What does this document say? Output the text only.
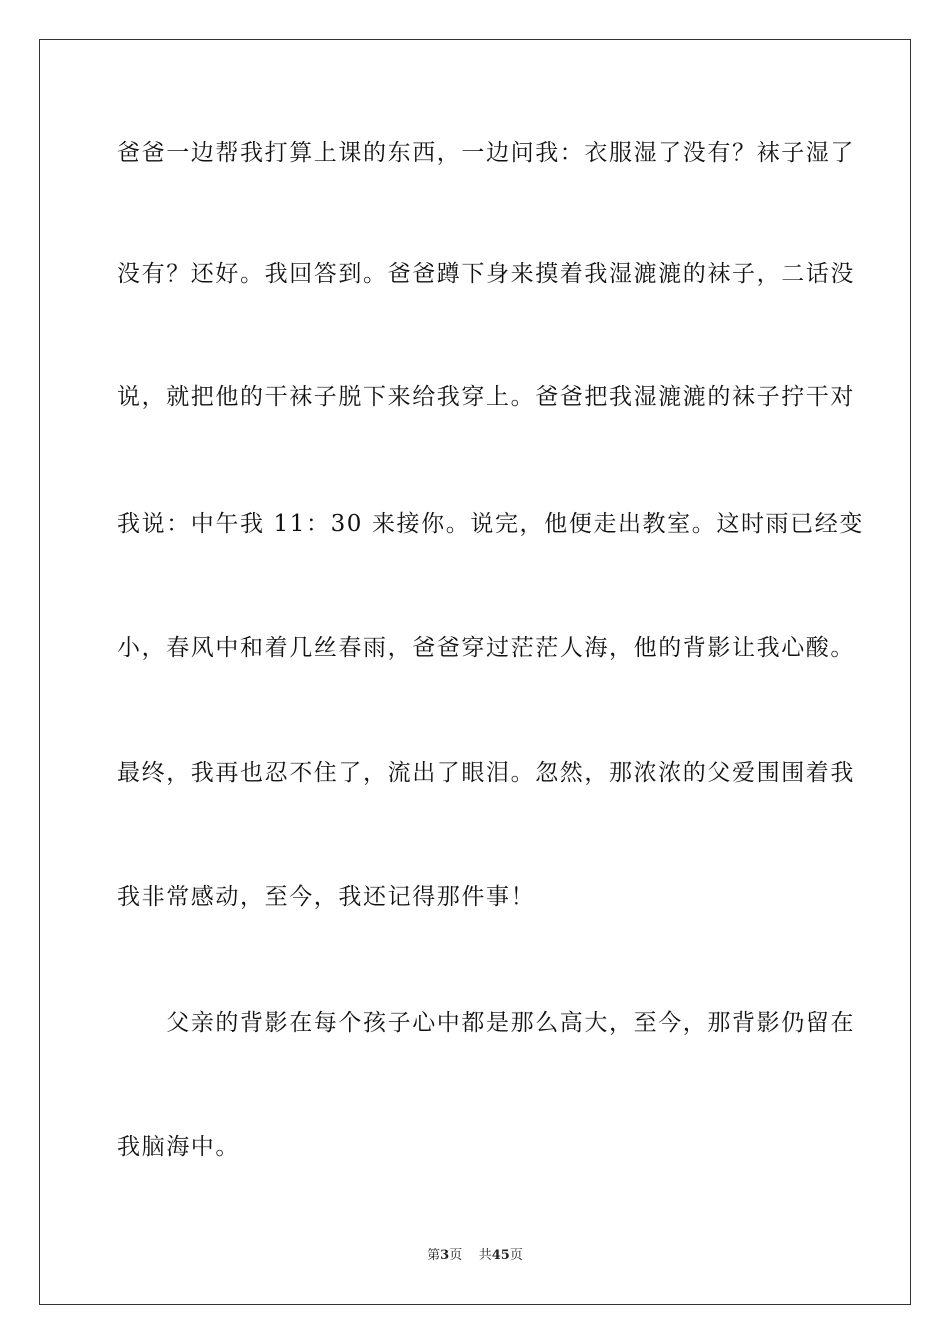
爸爸一边帮我打算上课的东西，一边问我：衣服湿了没有？袜子湿了
没有？还好。我回答到。爸爸蹲下身来摸着我湿漉漉的袜子，二话没
说，就把他的干袜子脱下来给我穿上。爸爸把我湿漉漉的袜子拧干对
我说：中午我 11：30 来接你。说完，他便走出教室。这时雨已经变
小，春风中和着几丝春雨，爸爸穿过茫茫人海，他的背影让我心酸。
最终，我再也忍不住了，流出了眼泪。忽然，那浓浓的父爱围围着我
我非常感动，至今，我还记得那件事！
　　父亲的背影在每个孩子心中都是那么高大，至今，那背影仍留在
我脑海中。
第3页 共45页
